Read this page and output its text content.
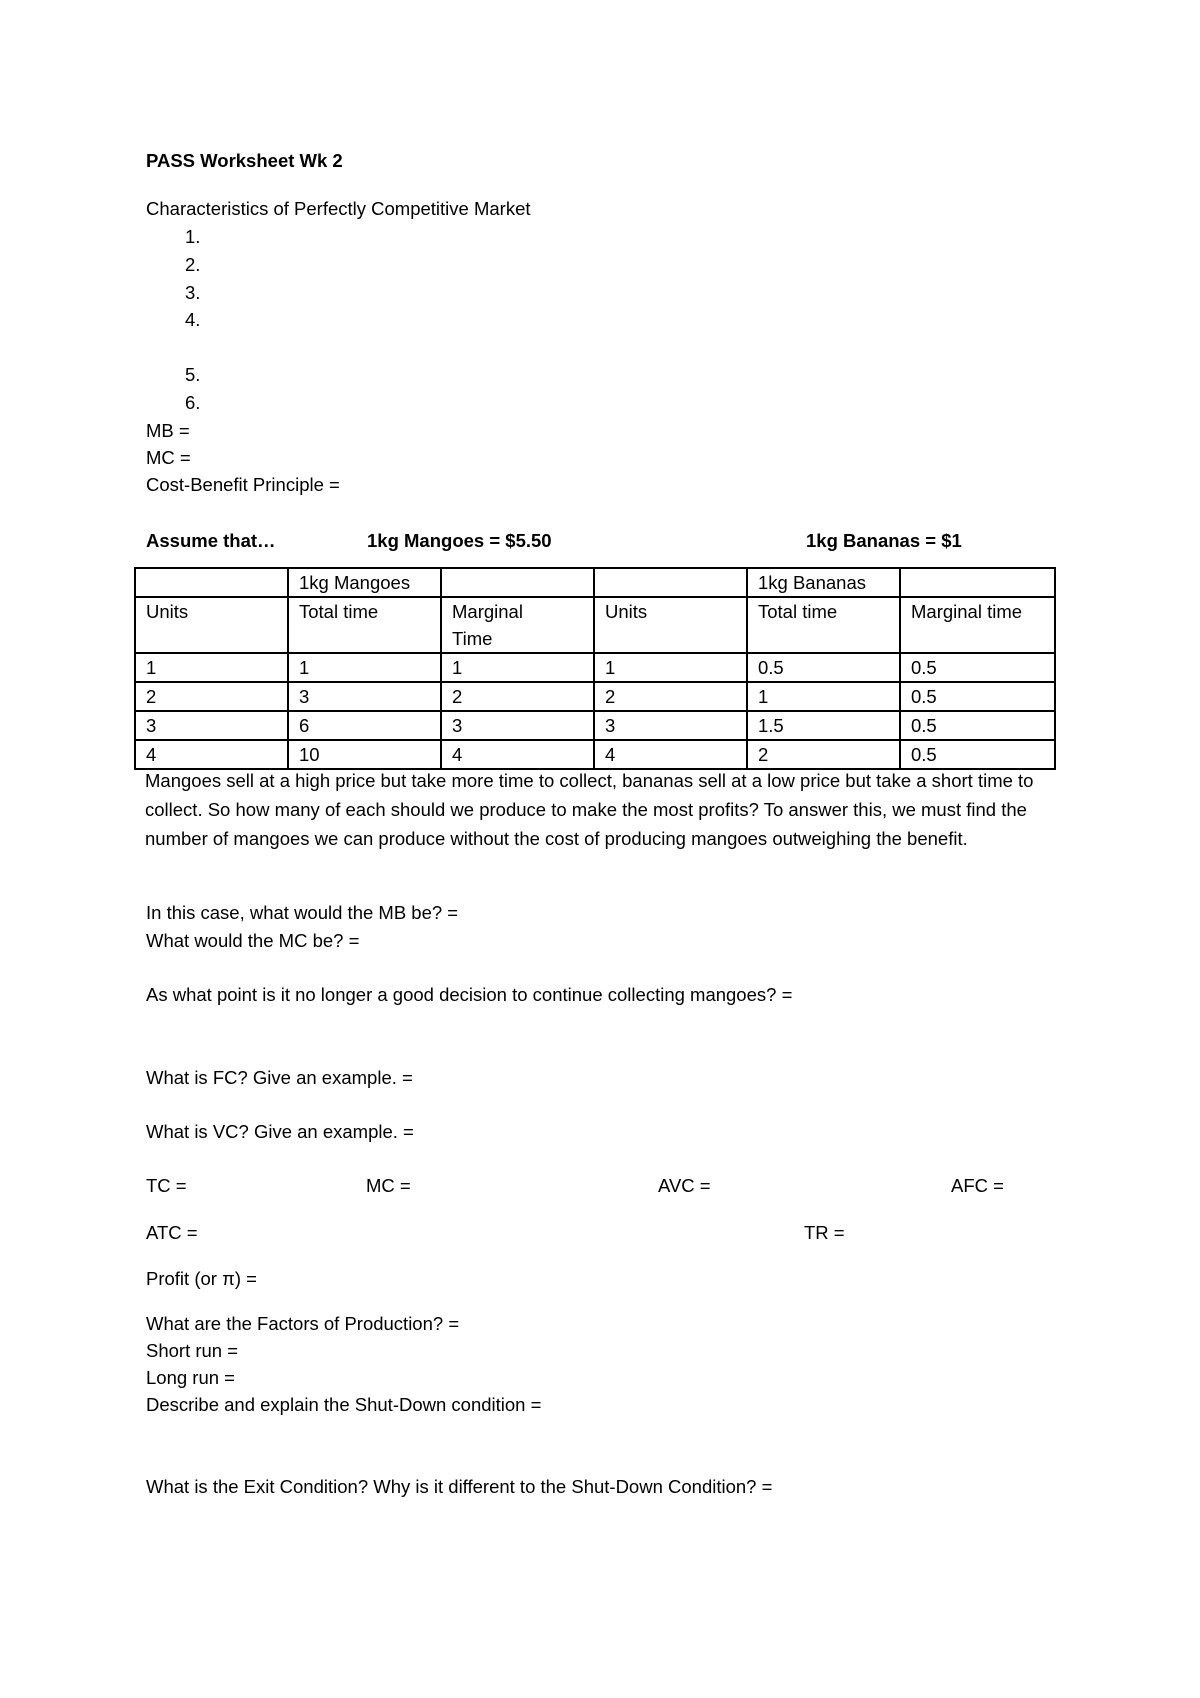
PASS Worksheet Wk 2
Characteristics of Perfectly Competitive Market
1.
2.
3.
4.
5.
6.
MB =
MC =
Cost-Benefit Principle =
Assume that…	1kg Mangoes = $5.50	1kg Bananas = $1
	1kg Mangoes			1kg Bananas	
Units	Total time	Marginal Time	Units	Total time	Marginal time
1	1	1	1	0.5	0.5
2	3	2	2	1	0.5
3	6	3	3	1.5	0.5
4	10	4	4	2	0.5
Mangoes sell at a high price but take more time to collect, bananas sell at a low price but take a short time to collect. So how many of each should we produce to make the most profits? To answer this, we must find the number of mangoes we can produce without the cost of producing mangoes outweighing the benefit.
In this case, what would the MB be? =
What would the MC be? =
As what point is it no longer a good decision to continue collecting mangoes? =
What is FC? Give an example. =
What is VC? Give an example. =
TC =	MC =	AVC =	AFC =
ATC =	TR =
Profit (or π) =
What are the Factors of Production? =
Short run =
Long run =
Describe and explain the Shut-Down condition =
What is the Exit Condition? Why is it different to the Shut-Down Condition? =
